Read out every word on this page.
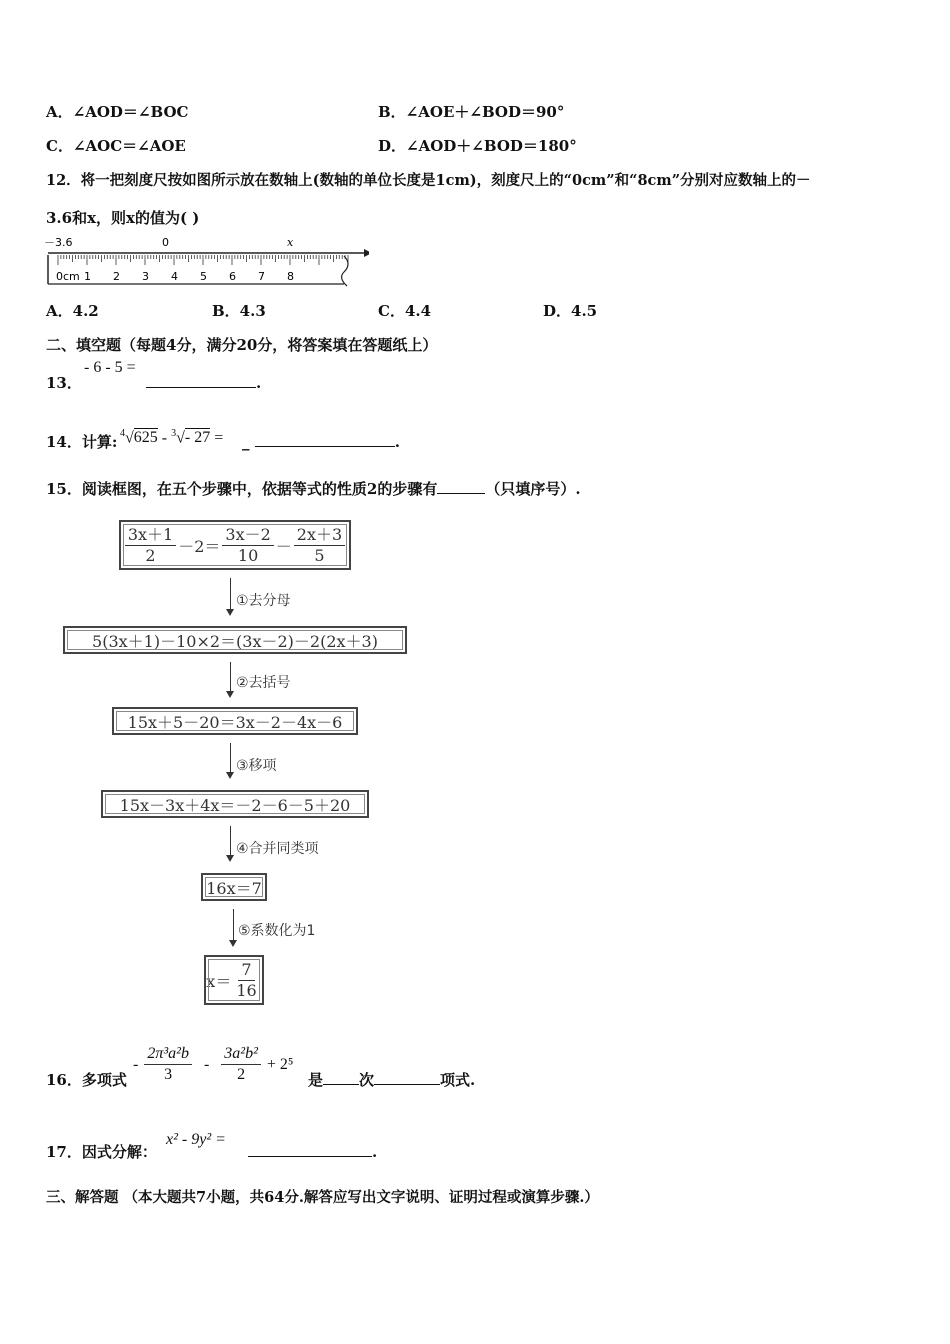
A．∠AOD＝∠BOC	B．∠AOE＋∠BOD＝90°
C．∠AOC＝∠AOE	D．∠AOD＋∠BOD＝180°
12．将一把刻度尺按如图所示放在数轴上(数轴的单位长度是1cm)，刻度尺上的“0cm”和“8cm”分别对应数轴上的－
3.6和x，则x的值为( )
－3.6	0	x
0cm 1 2 3 4 5 6 7 8
A．4.2	B．4.3	C．4.4	D．4.5
二、填空题（每题4分，满分20分，将答案填在答题纸上）
13．
- 6 - 5 =
.
14．计算: $^4$√625 - $^3$√- 27 = _	.
15．阅读框图，在五个步骤中，依据等式的性质2的步骤有	（只填序号）.
$\frac{3x+1}{2} -2= \frac{3x-2}{10} - \frac{2x+3}{5}$
①去分母
5(3x＋1)－10×2＝(3x－2)－2(2x＋3)
②去括号
15x＋5－20＝3x－2－4x－6
③移项
15x－3x＋4x＝－2－6－5＋20
④合并同类项
16x＝7
⑤系数化为1
$x= \frac{7}{16}$
16．多项式
- $\frac{\text{2π³a²b}}{3} - \frac{\text{3a²b²}}{2} + 2^5$
是 次	项式.
17．因式分解：
x² - 9y² =
.
三、解答题 （本大题共7小题，共64分.解答应写出文字说明、证明过程或演算步骤.）
